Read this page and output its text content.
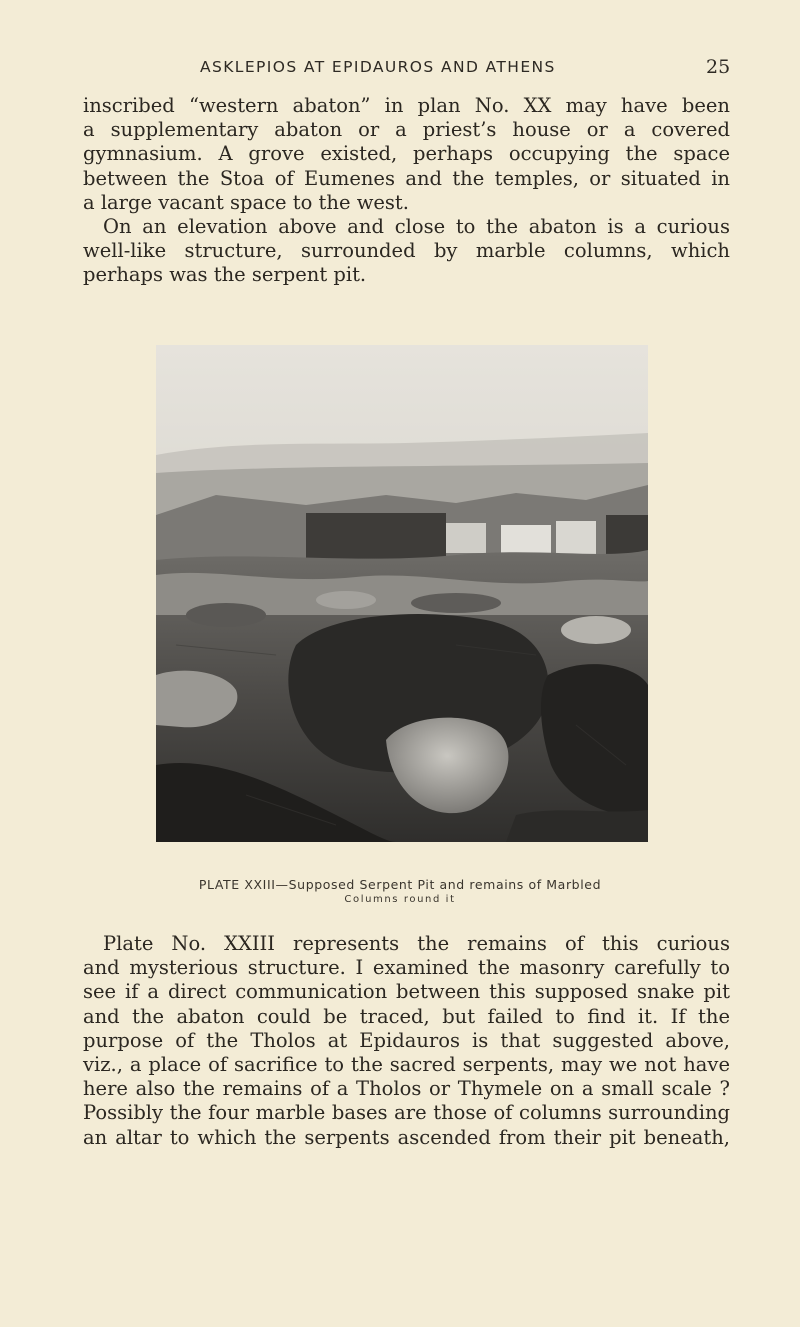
ASKLEPIOS AT EPIDAUROS AND ATHENS	25

inscribed “western abaton” in plan No. XX may have been
a supplementary abaton or a priest’s house or a covered
gymnasium. A grove existed, perhaps occupying the space
between the Stoa of Eumenes and the temples, or situated in
a large vacant space to the west.

On an elevation above and close to the abaton is a curious
well-like structure, surrounded by marble columns, which
perhaps was the serpent pit.

PLATE XXIII—Supposed Serpent Pit and remains of Marbled
Columns round it

Plate No. XXIII represents the remains of this curious
and mysterious structure. I examined the masonry carefully to
see if a direct communication between this supposed snake pit
and the abaton could be traced, but failed to find it. If the
purpose of the Tholos at Epidauros is that suggested above,
viz., a place of sacrifice to the sacred serpents, may we not have
here also the remains of a Tholos or Thymele on a small scale ?
Possibly the four marble bases are those of columns surrounding
an altar to which the serpents ascended from their pit beneath,
